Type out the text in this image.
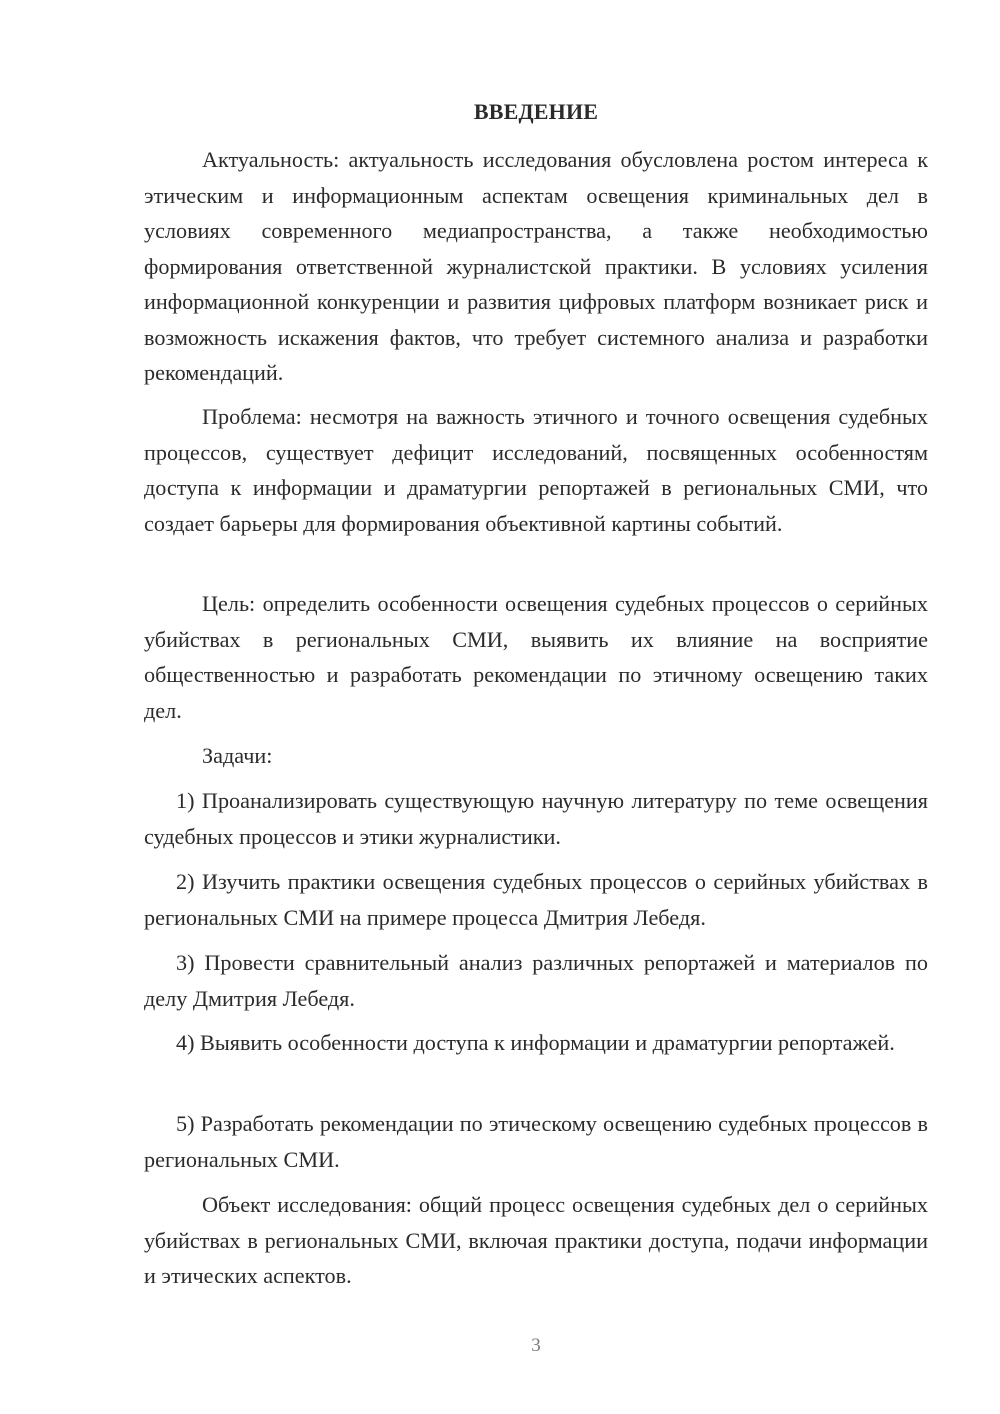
ВВЕДЕНИЕ

Актуальность: актуальность исследования обусловлена ростом интереса к этическим и информационным аспектам освещения криминальных дел в условиях современного медиапространства, а также необходимостью формирования ответственной журналистской практики. В условиях усиления информационной конкуренции и развития цифровых платформ возникает риск и возможность искажения фактов, что требует системного анализа и разработки рекомендаций.

Проблема: несмотря на важность этичного и точного освещения судебных процессов, существует дефицит исследований, посвященных особенностям доступа к информации и драматургии репортажей в региональных СМИ, что создает барьеры для формирования объективной картины событий.

Цель: определить особенности освещения судебных процессов о серийных убийствах в региональных СМИ, выявить их влияние на восприятие общественностью и разработать рекомендации по этичному освещению таких дел.

Задачи:

1) Проанализировать существующую научную литературу по теме освещения судебных процессов и этики журналистики.

2) Изучить практики освещения судебных процессов о серийных убийствах в региональных СМИ на примере процесса Дмитрия Лебедя.

3) Провести сравнительный анализ различных репортажей и материалов по делу Дмитрия Лебедя.

4) Выявить особенности доступа к информации и драматургии репортажей.

5) Разработать рекомендации по этическому освещению судебных процессов в региональных СМИ.

Объект исследования: общий процесс освещения судебных дел о серийных убийствах в региональных СМИ, включая практики доступа, подачи информации и этических аспектов.

3
